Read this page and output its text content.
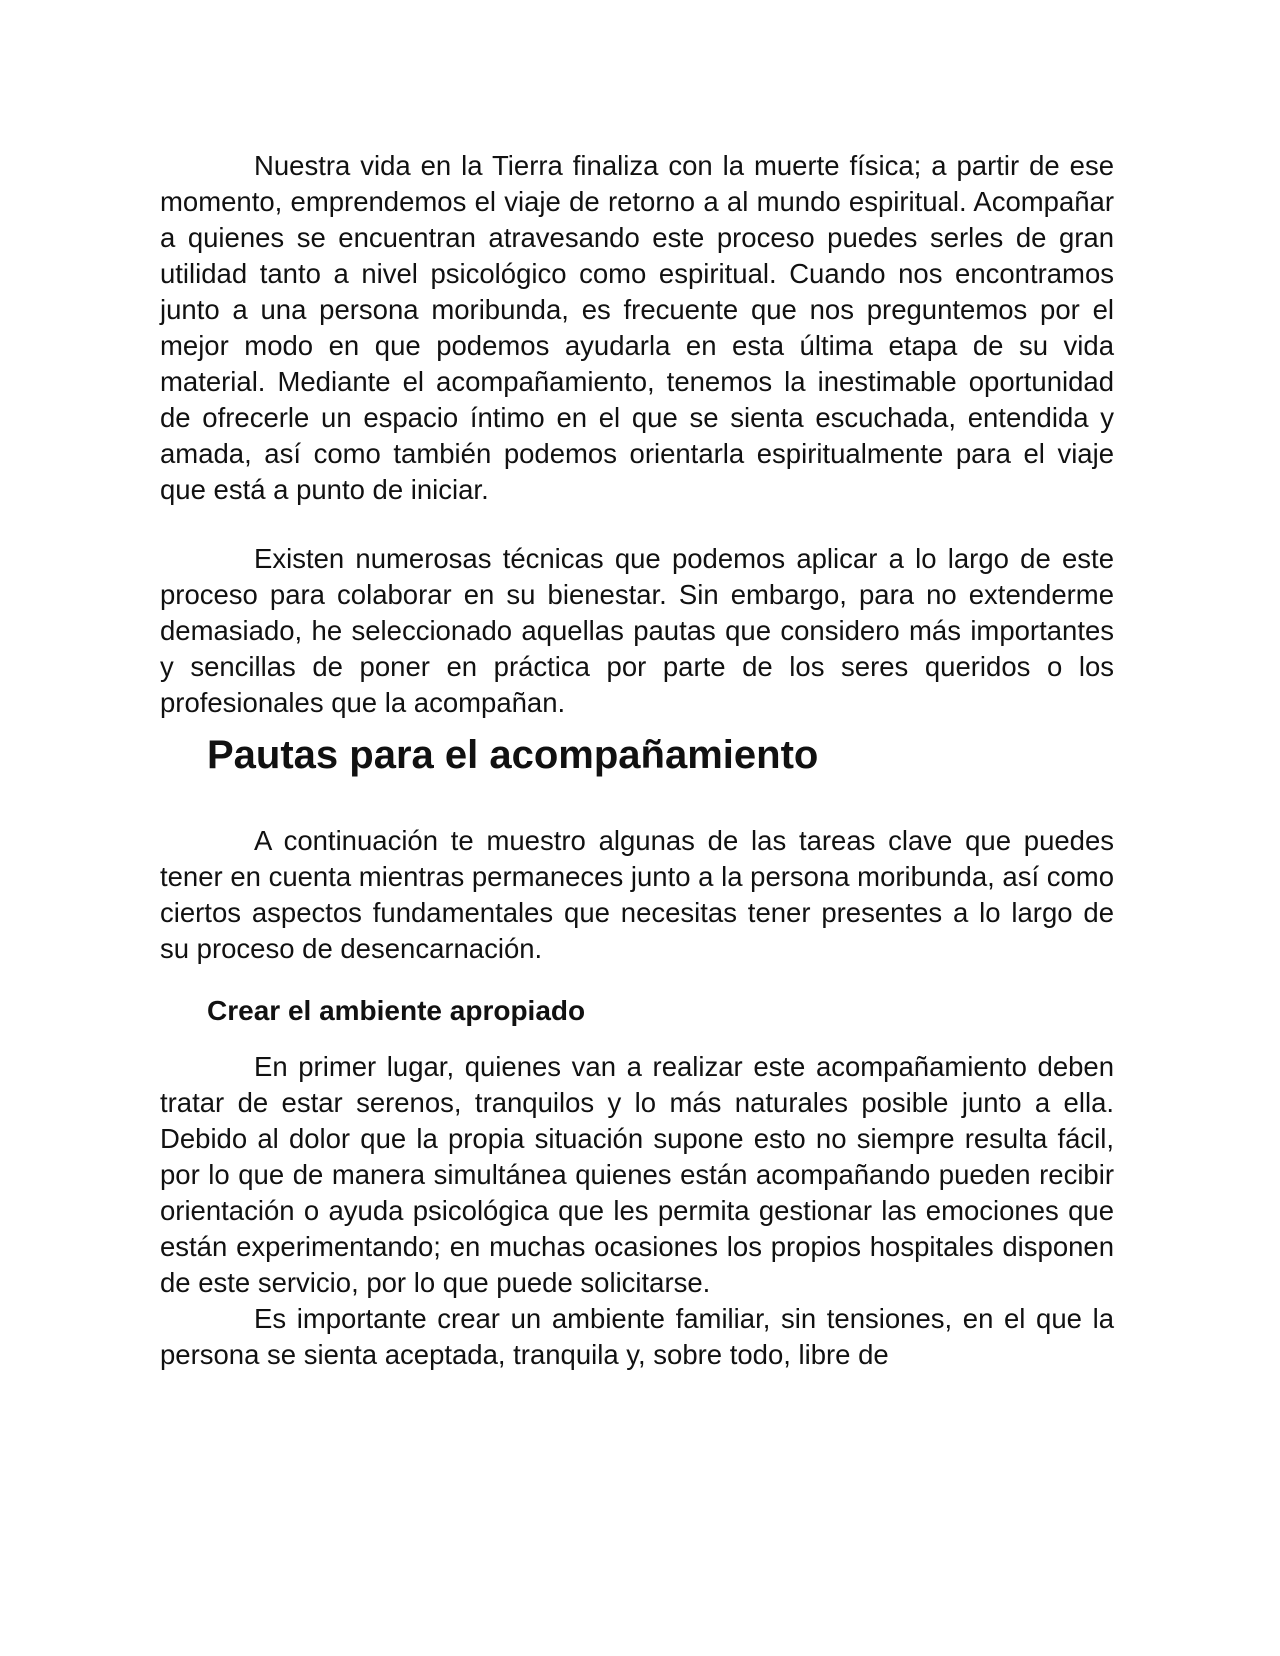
Nuestra vida en la Tierra finaliza con la muerte física; a partir de ese momento, emprendemos el viaje de retorno a al mundo espiritual. Acompañar a quienes se encuentran atravesando este proceso puedes serles de gran utilidad tanto a nivel psicológico como espiritual. Cuando nos encontramos junto a una persona moribunda, es frecuente que nos preguntemos por el mejor modo en que podemos ayudarla en esta última etapa de su vida material. Mediante el acompañamiento, tenemos la inestimable oportunidad de ofrecerle un espacio íntimo en el que se sienta escuchada, entendida y amada, así como también podemos orientarla espiritualmente para el viaje que está a punto de iniciar.

Existen numerosas técnicas que podemos aplicar a lo largo de este proceso para colaborar en su bienestar. Sin embargo, para no extenderme demasiado, he seleccionado aquellas pautas que considero más importantes y sencillas de poner en práctica por parte de los seres queridos o los profesionales que la acompañan.

Pautas para el acompañamiento

A continuación te muestro algunas de las tareas clave que puedes tener en cuenta mientras permaneces junto a la persona moribunda, así como ciertos aspectos fundamentales que necesitas tener presentes a lo largo de su proceso de desencarnación.

Crear el ambiente apropiado

En primer lugar, quienes van a realizar este acompañamiento deben tratar de estar serenos, tranquilos y lo más naturales posible junto a ella. Debido al dolor que la propia situación supone esto no siempre resulta fácil, por lo que de manera simultánea quienes están acompañando pueden recibir orientación o ayuda psicológica que les permita gestionar las emociones que están experimentando; en muchas ocasiones los propios hospitales disponen de este servicio, por lo que puede solicitarse.

Es importante crear un ambiente familiar, sin tensiones, en el que la persona se sienta aceptada, tranquila y, sobre todo, libre de
